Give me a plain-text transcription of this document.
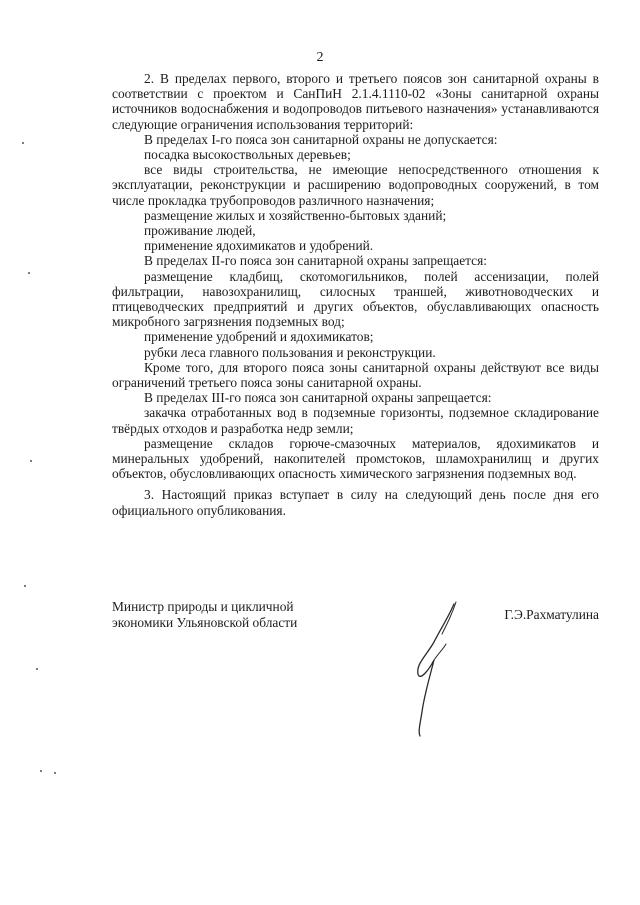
2

2. В пределах первого, второго и третьего поясов зон санитарной охраны в соответствии с проектом и СанПиН 2.1.4.1110-02 «Зоны санитарной охраны источников водоснабжения и водопроводов питьевого назначения» устанавливаются следующие ограничения использования территорий:

В пределах I-го пояса зон санитарной охраны не допускается:

посадка высокоствольных деревьев;

все виды строительства, не имеющие непосредственного отношения к эксплуатации, реконструкции и расширению водопроводных сооружений, в том числе прокладка трубопроводов различного назначения;

размещение жилых и хозяйственно-бытовых зданий;

проживание людей,

применение ядохимикатов и удобрений.

В пределах II-го пояса зон санитарной охраны запрещается:

размещение кладбищ, скотомогильников, полей ассенизации, полей фильтрации, навозохранилищ, силосных траншей, животноводческих и птицеводческих предприятий и других объектов, обуславливающих опасность микробного загрязнения подземных вод;

применение удобрений и ядохимикатов;

рубки леса главного пользования и реконструкции.

Кроме того, для второго пояса зоны санитарной охраны действуют все виды ограничений третьего пояса зоны санитарной охраны.

В пределах III-го пояса зон санитарной охраны запрещается:

закачка отработанных вод в подземные горизонты, подземное складирование твёрдых отходов и разработка недр земли;

размещение складов горюче-смазочных материалов, ядохимикатов и минеральных удобрений, накопителей промстоков, шламохранилищ и других объектов, обусловливающих опасность химического загрязнения подземных вод.

3. Настоящий приказ вступает в силу на следующий день после дня его официального опубликования.

Министр природы и цикличной
экономики Ульяновской области
Г.Э.Рахматулина
